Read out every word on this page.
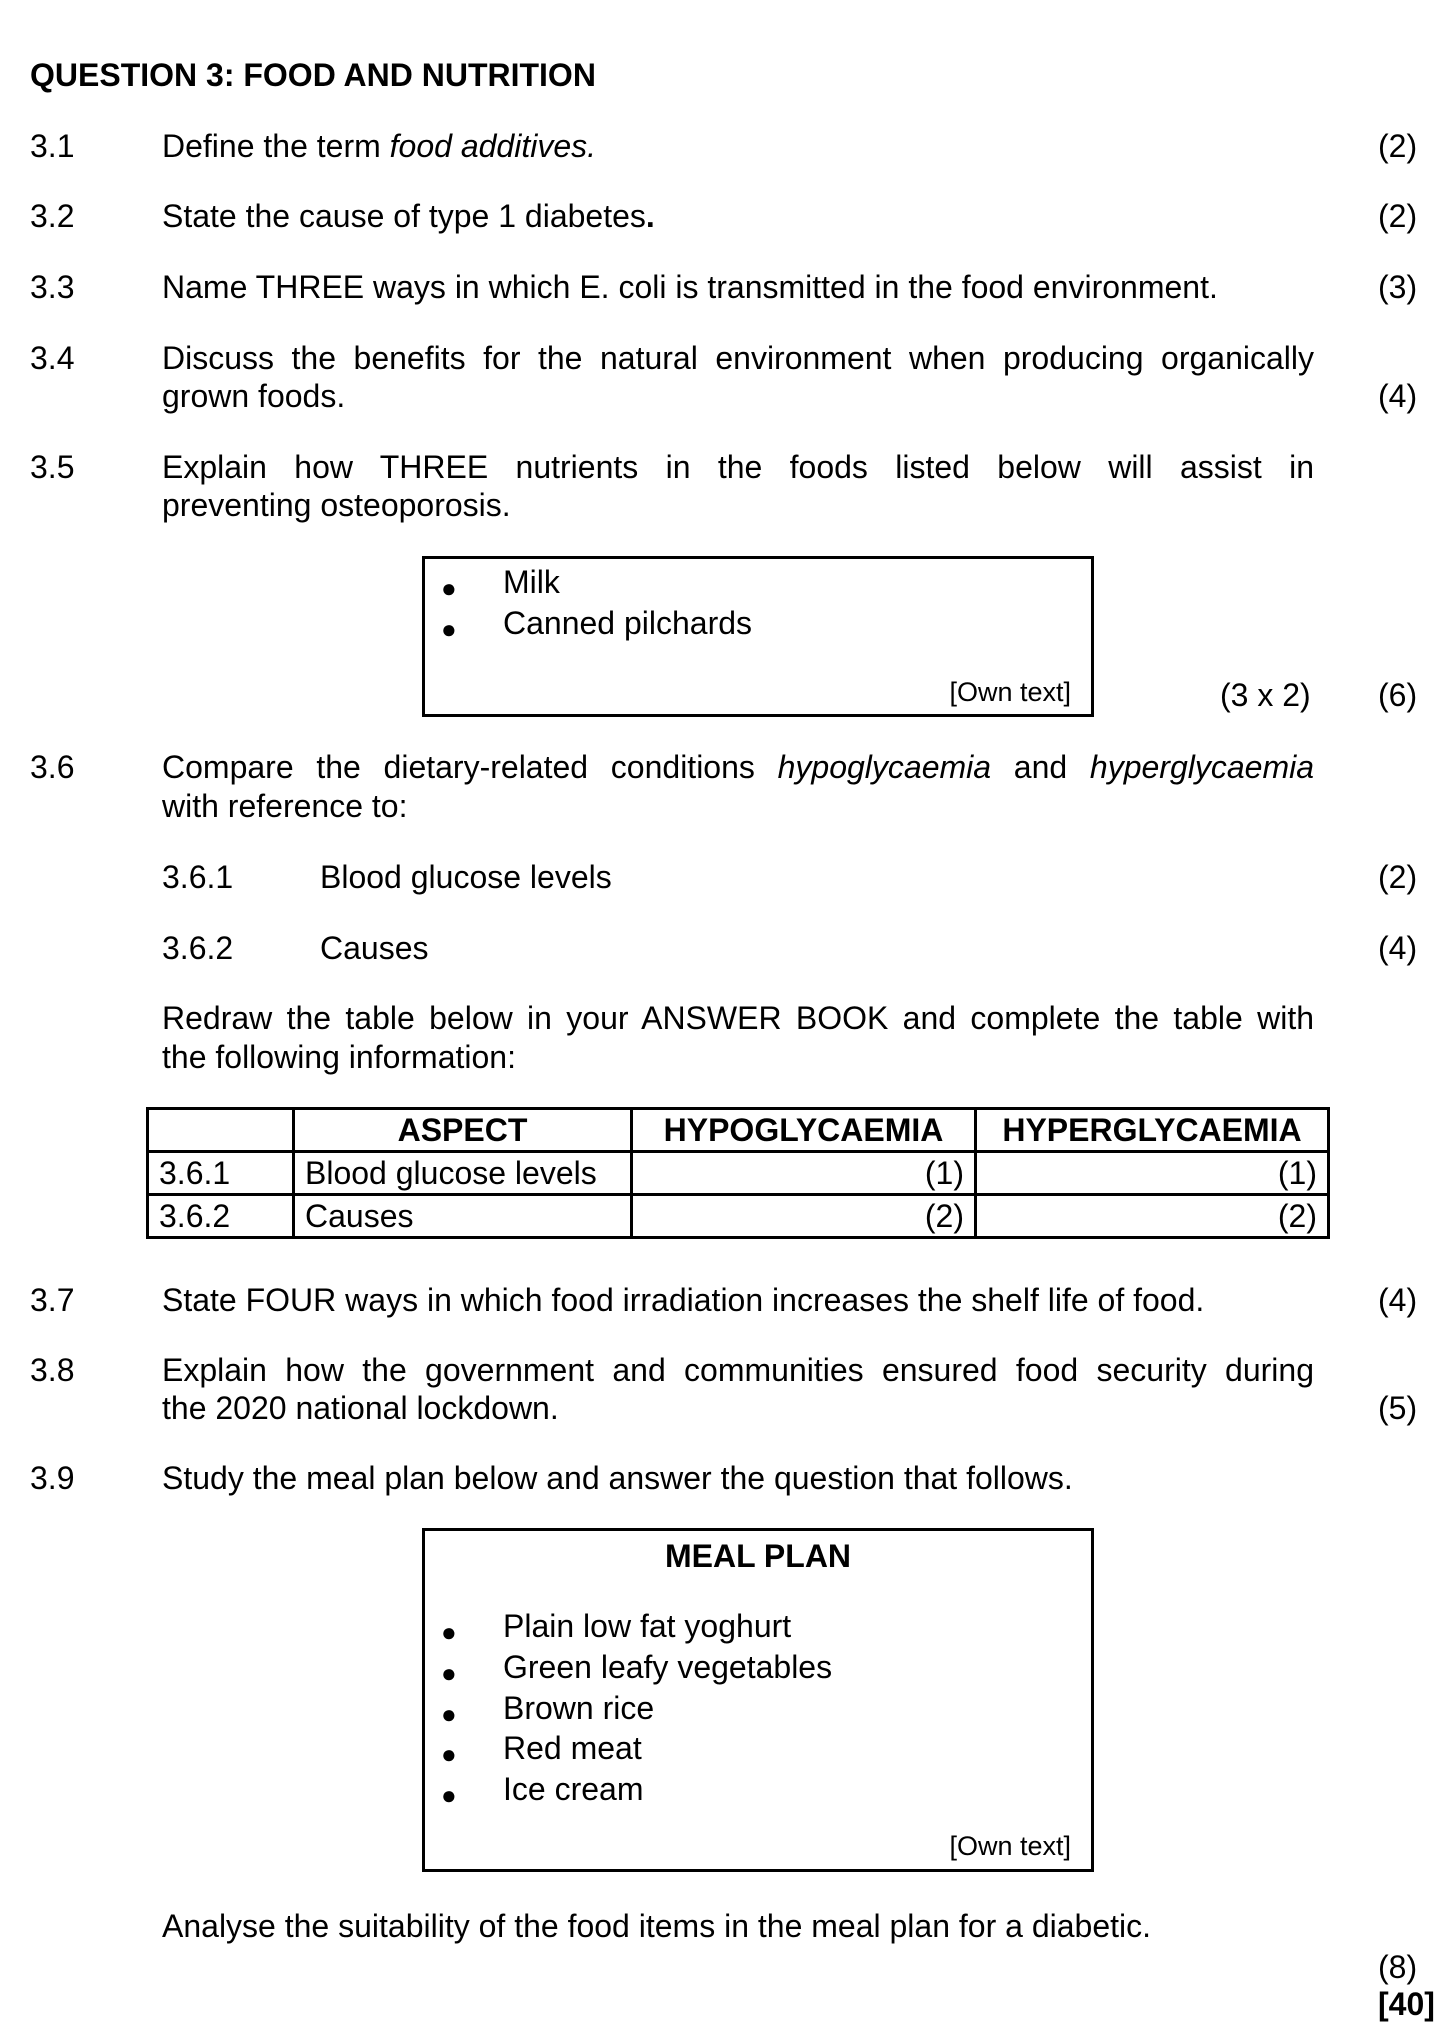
QUESTION 3: FOOD AND NUTRITION
3.1	Define the term food additives.	(2)
3.2	State the cause of type 1 diabetes.	(2)
3.3	Name THREE ways in which E. coli is transmitted in the food environment.	(3)
3.4	Discuss the benefits for the natural environment when producing organically
grown foods.	(4)
3.5	Explain how THREE nutrients in the foods listed below will assist in
preventing osteoporosis.
● Milk
● Canned pilchards
[Own text]	(3 x 2) (6)
3.6	Compare the dietary-related conditions hypoglycaemia and hyperglycaemia
with reference to:
3.6.1	Blood glucose levels	(2)
3.6.2	Causes	(4)
Redraw the table below in your ANSWER BOOK and complete the table with
the following information:
	ASPECT	HYPOGLYCAEMIA	HYPERGLYCAEMIA
3.6.1	Blood glucose levels	(1)	(1)
3.6.2	Causes	(2)	(2)
3.7	State FOUR ways in which food irradiation increases the shelf life of food.	(4)
3.8	Explain how the government and communities ensured food security during
the 2020 national lockdown.	(5)
3.9	Study the meal plan below and answer the question that follows.
MEAL PLAN
● Plain low fat yoghurt
● Green leafy vegetables
● Brown rice
● Red meat
● Ice cream
[Own text]
Analyse the suitability of the food items in the meal plan for a diabetic.
(8)
[40]
